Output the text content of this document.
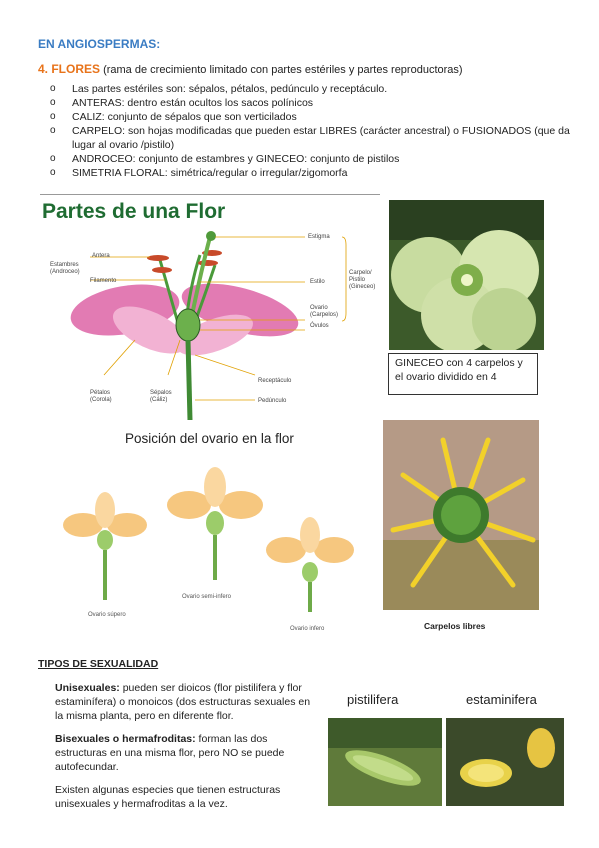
EN ANGIOSPERMAS:
4. FLORES (rama de crecimiento limitado con partes estériles y partes reproductoras)
o Las partes estériles son: sépalos, pétalos, pedúnculo y receptáculo.
o ANTERAS: dentro están ocultos los sacos polínicos
o CALIZ: conjunto de sépalos que son verticilados
o CARPELO: son hojas modificadas que pueden estar LIBRES (carácter ancestral) o FUSIONADOS (que da lugar al ovario /pistilo)
o ANDROCEO: conjunto de estambres y GINECEO: conjunto de pistilos
o SIMETRIA FLORAL: simétrica/regular o irregular/zigomorfa
Partes de una Flor
Antera
Estambres (Androceo)
Filamento
Estigma
Estilo
Carpelo/ Pistilo (Gineceo)
Ovario (Carpelos)
Óvulos
Receptáculo
Pétalos (Corola)
Sépalos (Cáliz)	Pedúnculo
GINECEO con 4 carpelos y el ovario dividido en 4
Posición del ovario en la flor
Ovario súpero
Ovario semi-infero
Ovario infero	Carpelos libres
TIPOS DE SEXUALIDAD
Unisexuales: pueden ser dioicos (flor pistilifera y flor estaminífera) o monoicos (dos estructuras sexuales en la misma planta, pero en diferente flor.
Bisexuales o hermafroditas: forman las dos estructuras en una misma flor, pero NO se puede autofecundar.
Existen algunas especies que tienen estructuras unisexuales y hermafroditas a la vez.
pistilifera	estaminifera
